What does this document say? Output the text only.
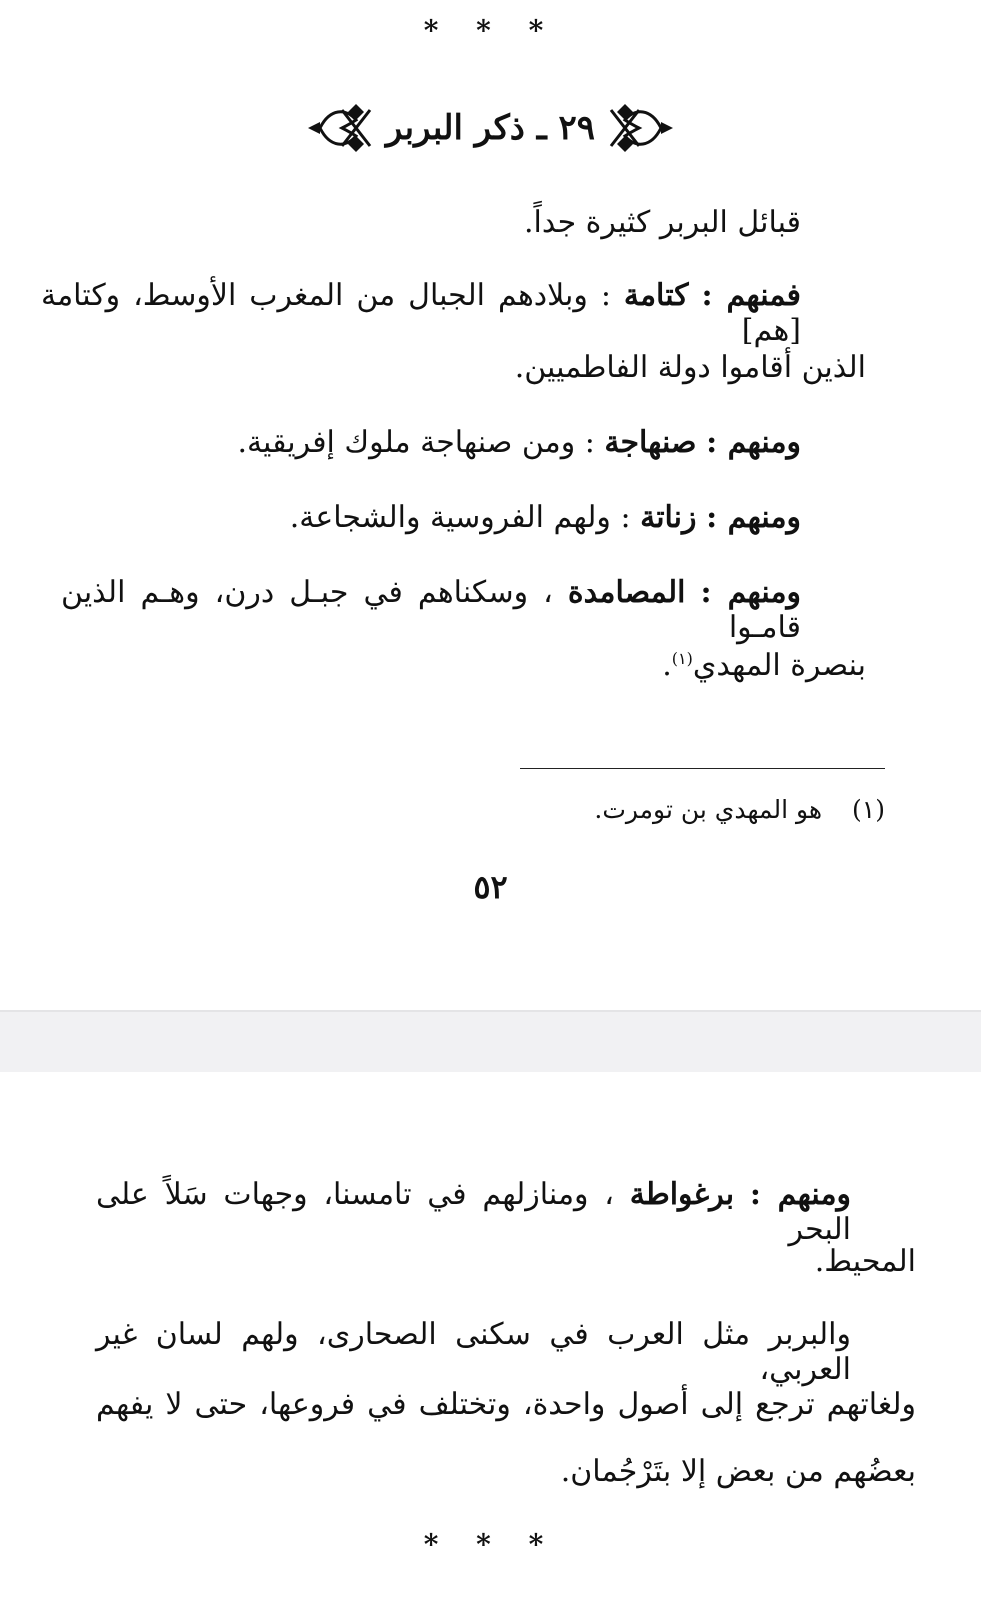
* * *
٢٩ ـ ذكر البربر
قبائل البربر كثيرة جداً.
فمنهم : كتامة : وبلادهم الجبال من المغرب الأوسط، وكتامة [هم]
الذين أقاموا دولة الفاطميين.
ومنهم : صنهاجة : ومن صنهاجة ملوك إفريقية.
ومنهم : زناتة : ولهم الفروسية والشجاعة.
ومنهم : المصامدة ، وسكناهم في جبـل درن، وهـم الذين قامـوا
بنصرة المهدي$^{(١)}$.
(١) هو المهدي بن تومرت.
٥٢
ومنهم : برغواطة ، ومنازلهم في تامسنا، وجهات سَلاً على البحر
المحيط.
والبربر مثل العرب في سكنى الصحارى، ولهم لسان غير العربي،
ولغاتهم ترجع إلى أصول واحدة، وتختلف في فروعها، حتى لا يفهم
بعضُهم من بعض إلا بتَرْجُمان.
* * *
